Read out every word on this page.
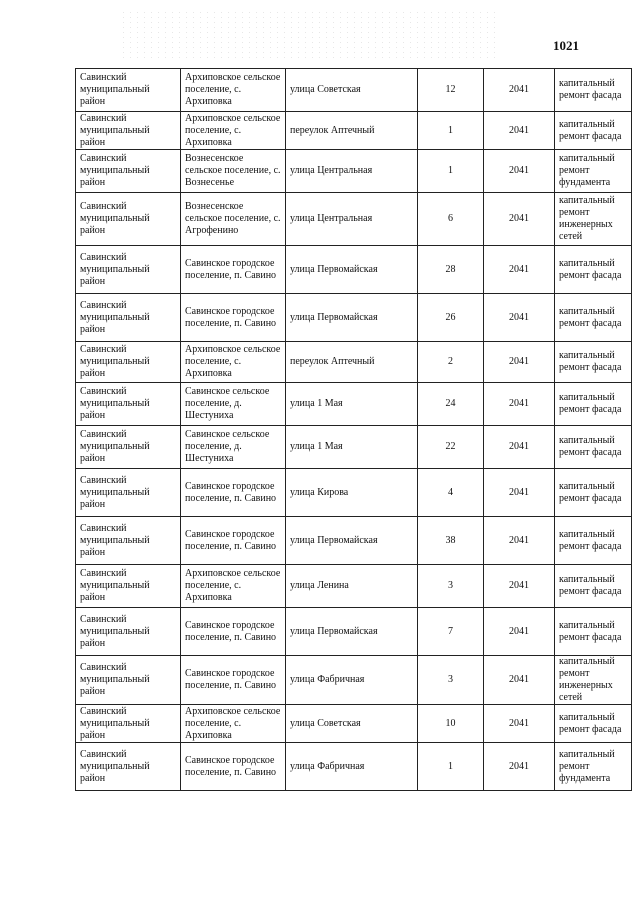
1021
Савинский муниципальный район	Архиповское сельское поселение, с. Архиповка	улица Советская	12	2041	капитальный ремонт фасада
Савинский муниципальный район	Архиповское сельское поселение, с. Архиповка	переулок Аптечный	1	2041	капитальный ремонт фасада
Савинский муниципальный район	Вознесенское сельское поселение, с. Вознесенье	улица Центральная	1	2041	капитальный ремонт фундамента
Савинский муниципальный район	Вознесенское сельское поселение, с. Агрофенино	улица Центральная	6	2041	капитальный ремонт инженерных сетей
Савинский муниципальный район	Савинское городское поселение, п. Савино	улица Первомайская	28	2041	капитальный ремонт фасада
Савинский муниципальный район	Савинское городское поселение, п. Савино	улица Первомайская	26	2041	капитальный ремонт фасада
Савинский муниципальный район	Архиповское сельское поселение, с. Архиповка	переулок Аптечный	2	2041	капитальный ремонт фасада
Савинский муниципальный район	Савинское сельское поселение, д. Шестуниха	улица 1 Мая	24	2041	капитальный ремонт фасада
Савинский муниципальный район	Савинское сельское поселение, д. Шестуниха	улица 1 Мая	22	2041	капитальный ремонт фасада
Савинский муниципальный район	Савинское городское поселение, п. Савино	улица Кирова	4	2041	капитальный ремонт фасада
Савинский муниципальный район	Савинское городское поселение, п. Савино	улица Первомайская	38	2041	капитальный ремонт фасада
Савинский муниципальный район	Архиповское сельское поселение, с. Архиповка	улица Ленина	3	2041	капитальный ремонт фасада
Савинский муниципальный район	Савинское городское поселение, п. Савино	улица Первомайская	7	2041	капитальный ремонт фасада
Савинский муниципальный район	Савинское городское поселение, п. Савино	улица Фабричная	3	2041	капитальный ремонт инженерных сетей
Савинский муниципальный район	Архиповское сельское поселение, с. Архиповка	улица Советская	10	2041	капитальный ремонт фасада
Савинский муниципальный район	Савинское городское поселение, п. Савино	улица Фабричная	1	2041	капитальный ремонт фундамента
